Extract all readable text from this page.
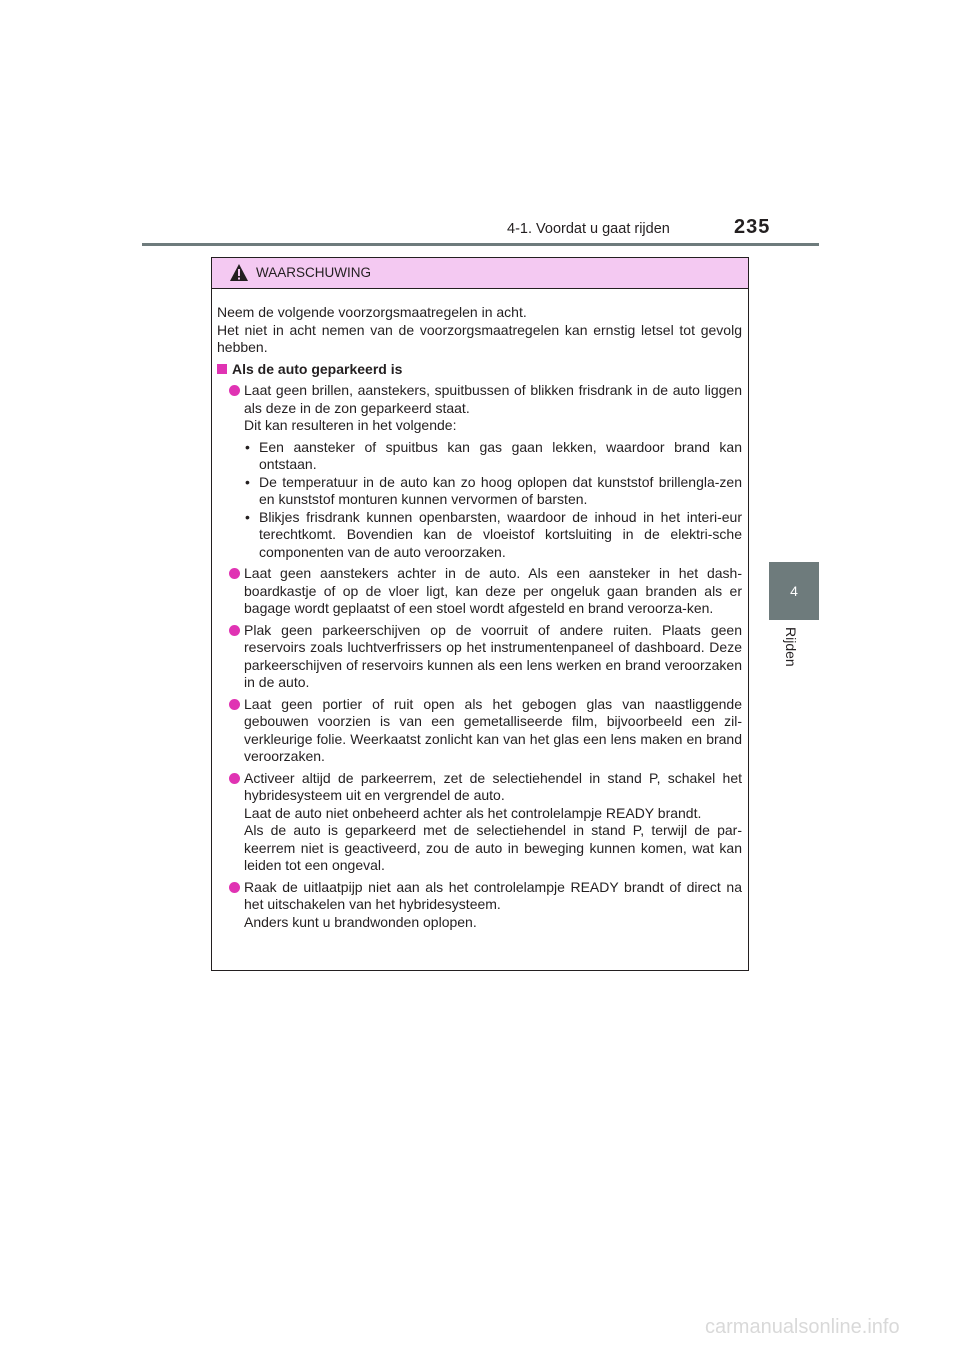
4-1. Voordat u gaat rijden	235
4
Rijden
WAARSCHUWING

Neem de volgende voorzorgsmaatregelen in acht.

Het niet in acht nemen van de voorzorgsmaatregelen kan ernstig letsel tot gevolg hebben.

Als de auto geparkeerd is

Laat geen brillen, aanstekers, spuitbussen of blikken frisdrank in de auto liggen als deze in de zon geparkeerd staat.

Dit kan resulteren in het volgende:

• Een aansteker of spuitbus kan gas gaan lekken, waardoor brand kan ontstaan.

• De temperatuur in de auto kan zo hoog oplopen dat kunststof brillengla-zen en kunststof monturen kunnen vervormen of barsten.

• Blikjes frisdrank kunnen openbarsten, waardoor de inhoud in het interi-eur terechtkomt. Bovendien kan de vloeistof kortsluiting in de elektri-sche componenten van de auto veroorzaken.

Laat geen aanstekers achter in de auto. Als een aansteker in het dash-boardkastje of op de vloer ligt, kan deze per ongeluk gaan branden als er bagage wordt geplaatst of een stoel wordt afgesteld en brand veroorza-ken.

Plak geen parkeerschijven op de voorruit of andere ruiten. Plaats geen reservoirs zoals luchtverfrissers op het instrumentenpaneel of dashboard. Deze parkeerschijven of reservoirs kunnen als een lens werken en brand veroorzaken in de auto.

Laat geen portier of ruit open als het gebogen glas van naastliggende gebouwen voorzien is van een gemetalliseerde film, bijvoorbeeld een zil-verkleurige folie. Weerkaatst zonlicht kan van het glas een lens maken en brand veroorzaken.

Activeer altijd de parkeerrem, zet de selectiehendel in stand P, schakel het hybridesysteem uit en vergrendel de auto.

Laat de auto niet onbeheerd achter als het controlelampje READY brandt.

Als de auto is geparkeerd met de selectiehendel in stand P, terwijl de par-keerrem niet is geactiveerd, zou de auto in beweging kunnen komen, wat kan leiden tot een ongeval.

Raak de uitlaatpijp niet aan als het controlelampje READY brandt of direct na het uitschakelen van het hybridesysteem.

Anders kunt u brandwonden oplopen.

carmanualsonline.info
